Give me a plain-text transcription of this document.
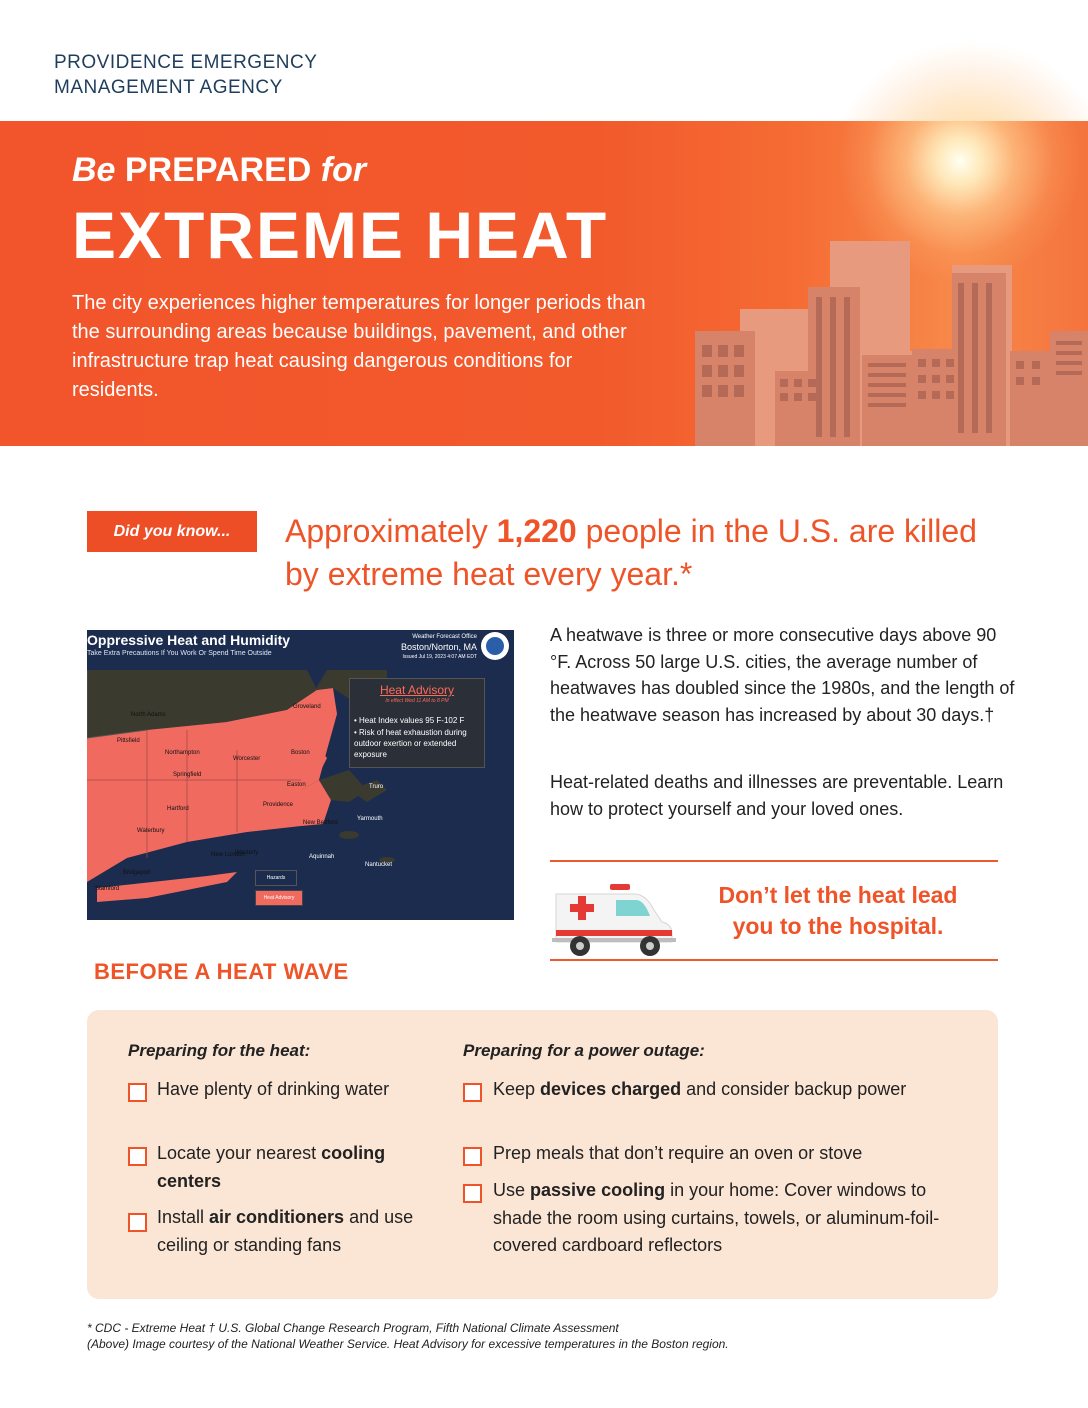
PROVIDENCE EMERGENCY
MANAGEMENT AGENCY
Be PREPARED for
EXTREME HEAT
The city experiences higher temperatures for longer periods than the surrounding areas because buildings, pavement, and other infrastructure trap heat causing dangerous conditions for residents.
Did you know...	Approximately 1,220 people in the U.S. are killed by extreme heat every year.*
Oppressive Heat and Humidity
Take Extra Precautions If You Work Or Spend Time Outside
Weather Forecast Office
Boston/Norton, MA
Issued Jul 19, 2023 4:07 AM EDT
Heat Advisory
In effect Wed 11 AM to 8 PM
• Heat Index values 95 F-102 F
• Risk of heat exhaustion during outdoor exertion or extended exposure
Hazards
Heat Advisory
North Adams
Pittsfield
Northampton
Springfield
Worcester
Groveland
Boston
Easton
Providence
New Bedford
Hartford
Waterbury
New London
Westerly
Bridgeport
Stamford
Aquinnah
Truro
Yarmouth
Nantucket
A heatwave is three or more consecutive days above 90 °F. Across 50 large U.S. cities, the average number of heatwaves has doubled since the 1980s, and the length of the heatwave season has increased by about 30 days.†
Heat-related deaths and illnesses are preventable. Learn how to protect yourself and your loved ones.
Don’t let the heat lead
you to the hospital.
BEFORE A HEAT WAVE
Preparing for the heat:	Preparing for a power outage:
Have plenty of drinking water
Locate your nearest cooling centers
Install air conditioners and use ceiling or standing fans
Keep devices charged and consider backup power
Prep meals that don’t require an oven or stove
Use passive cooling in your home: Cover windows to shade the room using curtains, towels, or aluminum-foil-covered cardboard reflectors
* CDC - Extreme Heat † U.S. Global Change Research Program, Fifth National Climate Assessment
(Above) Image courtesy of the National Weather Service. Heat Advisory for excessive temperatures in the Boston region.
